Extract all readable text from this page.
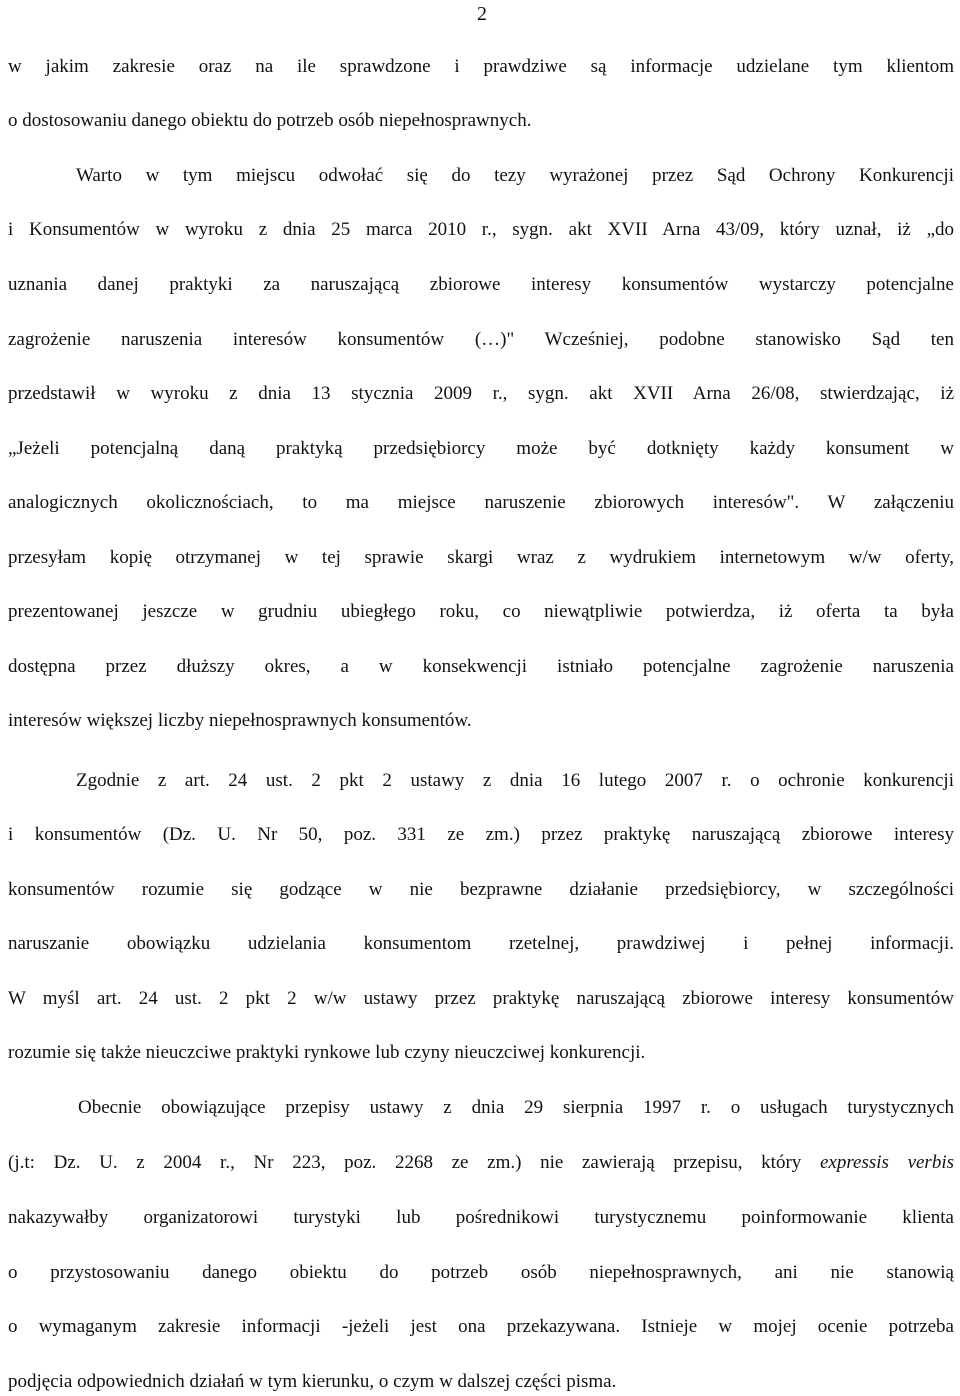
2
w jakim zakresie oraz na ile sprawdzone i prawdziwe są informacje udzielane tym klientom
o dostosowaniu danego obiektu do potrzeb osób niepełnosprawnych.
Warto w tym miejscu odwołać się do tezy wyrażonej przez Sąd Ochrony Konkurencji
i Konsumentów w wyroku z dnia 25 marca 2010 r., sygn. akt XVII Arna 43/09, który uznał, iż „do
uznania danej praktyki za naruszającą zbiorowe interesy konsumentów wystarczy potencjalne
zagrożenie naruszenia interesów konsumentów (…)" Wcześniej, podobne stanowisko Sąd ten
przedstawił w wyroku z dnia 13 stycznia 2009 r., sygn. akt XVII Arna 26/08, stwierdzając, iż
„Jeżeli potencjalną daną praktyką przedsiębiorcy może być dotknięty każdy konsument w
analogicznych okolicznościach, to ma miejsce naruszenie zbiorowych interesów". W załączeniu
przesyłam kopię otrzymanej w tej sprawie skargi wraz z wydrukiem internetowym w/w oferty,
prezentowanej jeszcze w grudniu ubiegłego roku, co niewątpliwie potwierdza, iż oferta ta była
dostępna przez dłuższy okres, a w konsekwencji istniało potencjalne zagrożenie naruszenia
interesów większej liczby niepełnosprawnych konsumentów.
Zgodnie z art. 24 ust. 2 pkt 2 ustawy z dnia 16 lutego 2007 r. o ochronie konkurencji
i konsumentów (Dz. U. Nr 50, poz. 331 ze zm.) przez praktykę naruszającą zbiorowe interesy
konsumentów rozumie się godzące w nie bezprawne działanie przedsiębiorcy, w szczególności
naruszanie obowiązku udzielania konsumentom rzetelnej, prawdziwej i pełnej informacji.
W myśl art. 24 ust. 2 pkt 2 w/w ustawy przez praktykę naruszającą zbiorowe interesy konsumentów
rozumie się także nieuczciwe praktyki rynkowe lub czyny nieuczciwej konkurencji.
Obecnie obowiązujące przepisy ustawy z dnia 29 sierpnia 1997 r. o usługach turystycznych
(j.t: Dz. U. z 2004 r., Nr 223, poz. 2268 ze zm.) nie zawierają przepisu, który expressis verbis
nakazywałby organizatorowi turystyki lub pośrednikowi turystycznemu poinformowanie klienta
o przystosowaniu danego obiektu do potrzeb osób niepełnosprawnych, ani nie stanowią
o wymaganym zakresie informacji -jeżeli jest ona przekazywana. Istnieje w mojej ocenie potrzeba
podjęcia odpowiednich działań w tym kierunku, o czym w dalszej części pisma.
